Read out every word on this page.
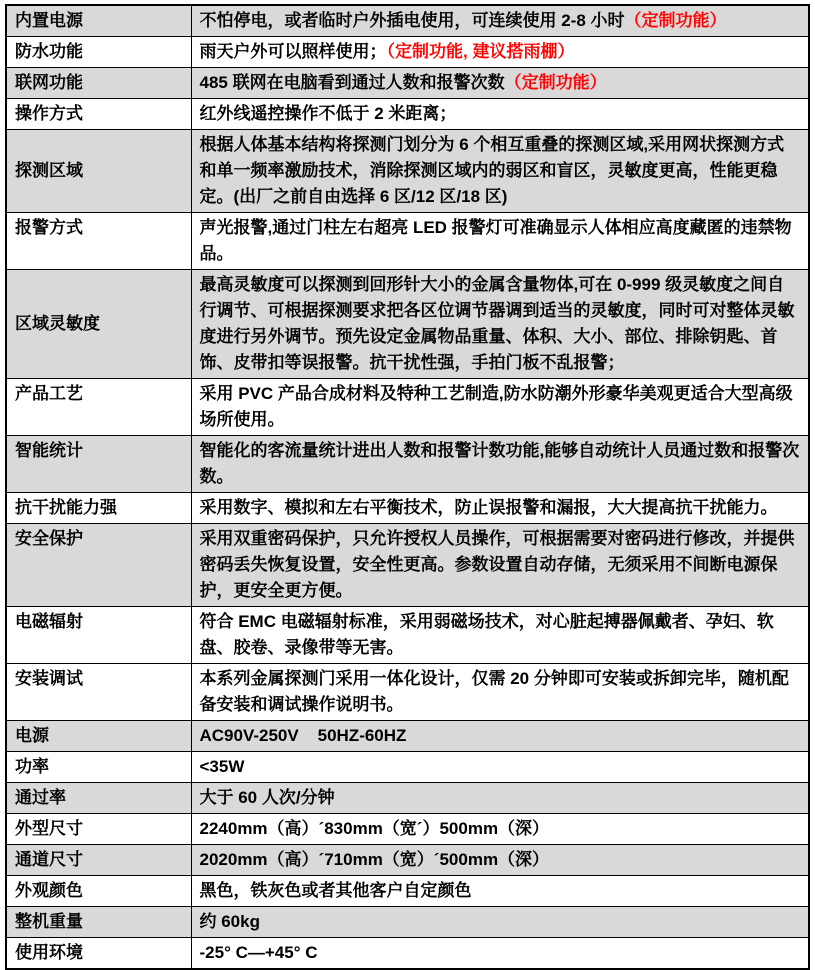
内置电源	不怕停电，或者临时户外插电使用，可连续使用 2-8 小时（定制功能）
防水功能	雨天户外可以照样使用；（定制功能, 建议搭雨棚）
联网功能	485 联网在电脑看到通过人数和报警次数（定制功能）
操作方式	红外线遥控操作不低于 2 米距离；
探测区域	根据人体基本结构将探测门划分为 6 个相互重叠的探测区域,采用网状探测方式和单一频率激励技术，消除探测区域内的弱区和盲区，灵敏度更高，性能更稳定。(出厂之前自由选择 6 区/12 区/18 区)
报警方式	声光报警,通过门柱左右超亮 LED 报警灯可准确显示人体相应高度藏匿的违禁物品。
区域灵敏度	最高灵敏度可以探测到回形针大小的金属含量物体,可在 0-999 级灵敏度之间自行调节、可根据探测要求把各区位调节器调到适当的灵敏度，同时可对整体灵敏度进行另外调节。预先设定金属物品重量、体积、大小、部位、排除钥匙、首饰、皮带扣等误报警。抗干扰性强，手拍门板不乱报警；
产品工艺	采用 PVC 产品合成材料及特种工艺制造,防水防潮外形豪华美观更适合大型高级场所使用。
智能统计	智能化的客流量统计进出人数和报警计数功能,能够自动统计人员通过数和报警次数。
抗干扰能力强	采用数字、模拟和左右平衡技术，防止误报警和漏报，大大提高抗干扰能力。
安全保护	采用双重密码保护，只允许授权人员操作，可根据需要对密码进行修改，并提供密码丢失恢复设置，安全性更高。参数设置自动存储，无须采用不间断电源保护，更安全更方便。
电磁辐射	符合 EMC 电磁辐射标准，采用弱磁场技术，对心脏起搏器佩戴者、孕妇、软盘、胶卷、录像带等无害。
安装调试	本系列金属探测门采用一体化设计，仅需 20 分钟即可安装或拆卸完毕，随机配备安装和调试操作说明书。
电源	AC90V-250V    50HZ-60HZ
功率	<35W
通过率	大于 60 人次/分钟
外型尺寸	2240mm（高）´830mm（宽´）500mm（深）
通道尺寸	2020mm（高）´710mm（宽）´500mm（深）
外观颜色	黑色，铁灰色或者其他客户自定颜色
整机重量	约 60kg
使用环境	-25° C—+45° C
